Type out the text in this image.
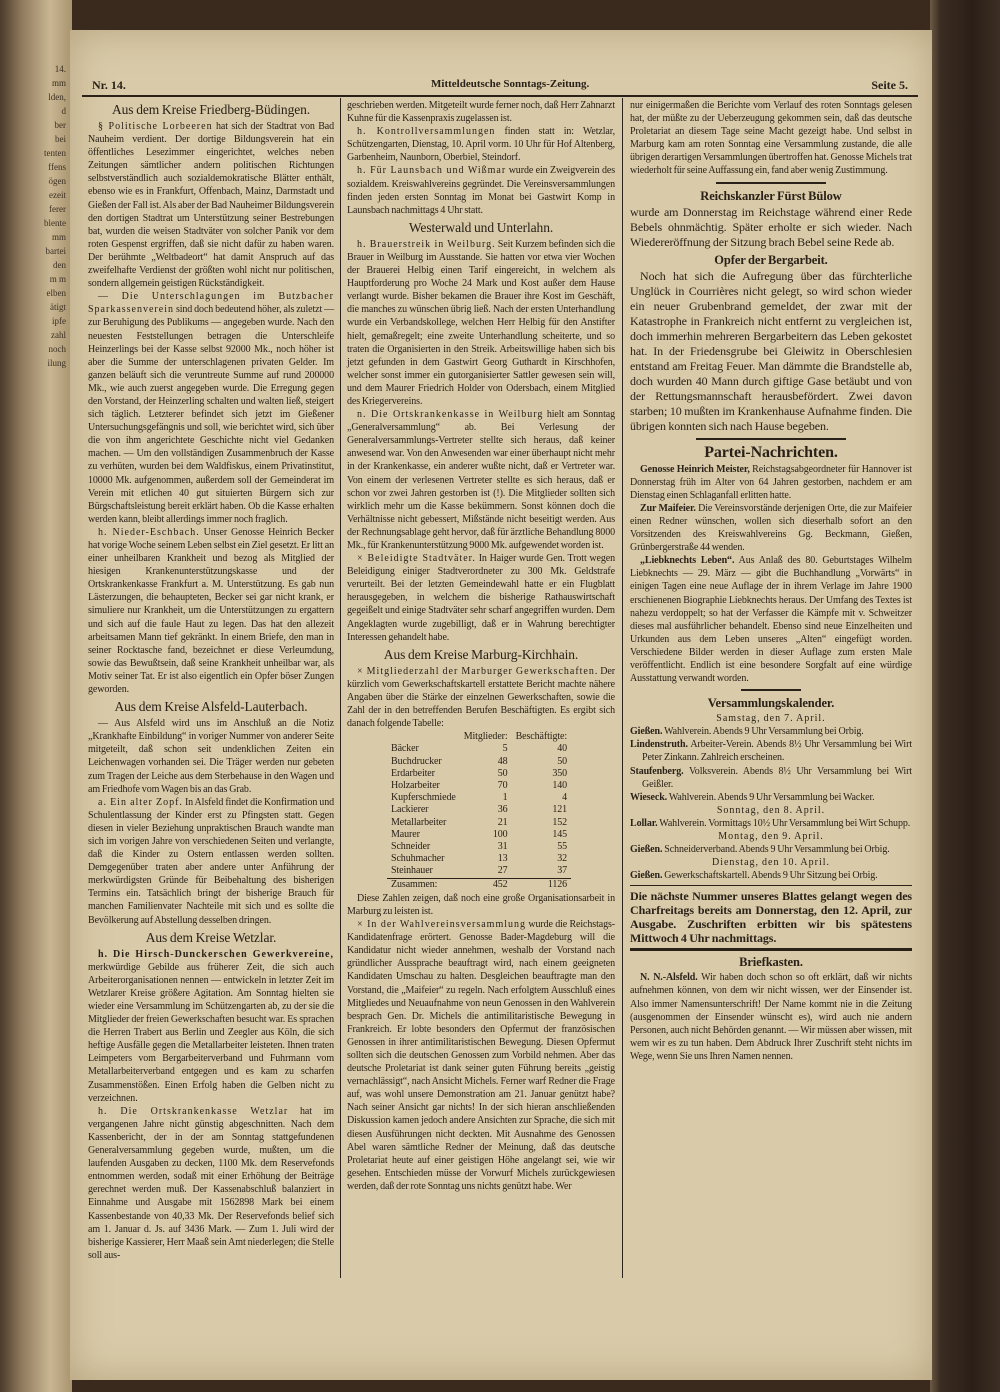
14.
mm
lden,
d
ber
bei
tenten
ffens
ögen
ezeit
ferer
blente
mm
bartei
den
m m
elben
ätigt
ipfe
zahl
noch
ilung
Nr. 14.	Mitteldeutsche Sonntags-Zeitung.	Seite 5.
Aus dem Kreise Friedberg-Büdingen.

§ Politische Lorbeeren hat sich der Stadtrat von Bad Nauheim verdient. Der dortige Bildungsverein hat ein öffentliches Lesezimmer eingerichtet, welches neben Zeitungen sämtlicher andern politischen Richtungen selbstverständlich auch sozialdemokratische Blätter enthält, ebenso wie es in Frankfurt, Offenbach, Mainz, Darmstadt und Gießen der Fall ist. Als aber der Bad Nauheimer Bildungsverein den dortigen Stadtrat um Unterstützung seiner Bestrebungen bat, wurden die weisen Stadtväter von solcher Panik vor dem roten Gespenst ergriffen, daß sie nicht dafür zu haben waren. Der berühmte „Weltbadeort“ hat damit Anspruch auf das zweifelhafte Verdienst der größten wohl nicht nur politischen, sondern allgemein geistigen Rückständigkeit.

— Die Unterschlagungen im Butzbacher Sparkassenverein sind doch bedeutend höher, als zuletzt — zur Beruhigung des Publikums — angegeben wurde. Nach den neuesten Feststellungen betragen die Unterschleife Heinzerlings bei der Kasse selbst 92000 Mk., noch höher ist aber die Summe der unterschlagenen privaten Gelder. Im ganzen beläuft sich die veruntreute Summe auf rund 200000 Mk., wie auch zuerst angegeben wurde. Die Erregung gegen den Vorstand, der Heinzerling schalten und walten ließ, steigert sich täglich. Letzterer befindet sich jetzt im Gießener Untersuchungsgefängnis und soll, wie berichtet wird, sich über die von ihm angerichtete Geschichte nicht viel Gedanken machen. — Um den vollständigen Zusammenbruch der Kasse zu verhüten, wurden bei dem Waldfiskus, einem Privatinstitut, 10000 Mk. aufgenommen, außerdem soll der Gemeinderat im Verein mit etlichen 40 gut situierten Bürgern sich zur Bürgschaftsleistung bereit erklärt haben. Ob die Kasse erhalten werden kann, bleibt allerdings immer noch fraglich.

h. Nieder-Eschbach. Unser Genosse Heinrich Becker hat vorige Woche seinem Leben selbst ein Ziel gesetzt. Er litt an einer unheilbaren Krankheit und bezog als Mitglied der hiesigen Krankenunterstützungskasse und der Ortskrankenkasse Frankfurt a. M. Unterstützung. Es gab nun Lästerzungen, die behaupteten, Becker sei gar nicht krank, er simuliere nur Krankheit, um die Unterstützungen zu ergattern und sich auf die faule Haut zu legen. Das hat den allezeit arbeitsamen Mann tief gekränkt. In einem Briefe, den man in seiner Rocktasche fand, bezeichnet er diese Verleumdung, sowie das Bewußtsein, daß seine Krankheit unheilbar war, als Motiv seiner Tat. Er ist also eigentlich ein Opfer böser Zungen geworden.

Aus dem Kreise Alsfeld-Lauterbach.

— Aus Alsfeld wird uns im Anschluß an die Notiz „Krankhafte Einbildung“ in voriger Nummer von anderer Seite mitgeteilt, daß schon seit undenklichen Zeiten ein Leichenwagen vorhanden sei. Die Träger werden nur gebeten zum Tragen der Leiche aus dem Sterbehause in den Wagen und am Friedhofe vom Wagen bis an das Grab.

a. Ein alter Zopf. In Alsfeld findet die Konfirmation und Schulentlassung der Kinder erst zu Pfingsten statt. Gegen diesen in vieler Beziehung unpraktischen Brauch wandte man sich im vorigen Jahre von verschiedenen Seiten und verlangte, daß die Kinder zu Ostern entlassen werden sollten. Demgegenüber traten aber andere unter Anführung der merkwürdigsten Gründe für Beibehaltung des bisherigen Termins ein. Tatsächlich bringt der bisherige Brauch für manchen Familienvater Nachteile mit sich und es sollte die Bevölkerung auf Abstellung desselben dringen.

Aus dem Kreise Wetzlar.

h. Die Hirsch-Dunckerschen Gewerkvereine, merkwürdige Gebilde aus früherer Zeit, die sich auch Arbeiterorganisationen nennen — entwickeln in letzter Zeit im Wetzlarer Kreise größere Agitation. Am Sonntag hielten sie wieder eine Versammlung im Schützengarten ab, zu der sie die Mitglieder der freien Gewerkschaften besucht war. Es sprachen die Herren Trabert aus Berlin und Zeegler aus Köln, die sich heftige Ausfälle gegen die Metallarbeiter leisteten. Ihnen traten Leimpeters vom Bergarbeiterverband und Fuhrmann vom Metallarbeiterverband entgegen und es kam zu scharfen Zusammenstößen. Einen Erfolg haben die Gelben nicht zu verzeichnen.

h. Die Ortskrankenkasse Wetzlar hat im vergangenen Jahre nicht günstig abgeschnitten. Nach dem Kassenbericht, der in der am Sonntag stattgefundenen Generalversammlung gegeben wurde, mußten, um die laufenden Ausgaben zu decken, 1100 Mk. dem Reservefonds entnommen werden, sodaß mit einer Erhöhung der Beiträge gerechnet werden muß. Der Kassenabschluß balanziert in Einnahme und Ausgabe mit 1562898 Mark bei einem Kassenbestande von 40,33 Mk. Der Reservefonds belief sich am 1. Januar d. Js. auf 3436 Mark. — Zum 1. Juli wird der bisherige Kassierer, Herr Maaß sein Amt niederlegen; die Stelle soll aus-

geschrieben werden. Mitgeteilt wurde ferner noch, daß Herr Zahnarzt Kuhne für die Kassenpraxis zugelassen ist.

h. Kontrollversammlungen finden statt in: Wetzlar, Schützengarten, Dienstag, 10. April vorm. 10 Uhr für Hof Altenberg, Garbenheim, Naunborn, Oberbiel, Steindorf.

h. Für Launsbach und Wißmar wurde ein Zweigverein des sozialdem. Kreiswahlvereins gegründet. Die Vereinsversammlungen finden jeden ersten Sonntag im Monat bei Gastwirt Komp in Launsbach nachmittags 4 Uhr statt.

Westerwald und Unterlahn.

h. Brauerstreik in Weilburg. Seit Kurzem befinden sich die Brauer in Weilburg im Ausstande. Sie hatten vor etwa vier Wochen der Brauerei Helbig einen Tarif eingereicht, in welchem als Hauptforderung pro Woche 24 Mark und Kost außer dem Hause verlangt wurde. Bisher bekamen die Brauer ihre Kost im Geschäft, die manches zu wünschen übrig ließ. Nach der ersten Unterhandlung wurde ein Verbandskollege, welchen Herr Helbig für den Anstifter hielt, gemaßregelt; eine zweite Unterhandlung scheiterte, und so traten die Organisierten in den Streik. Arbeitswillige haben sich bis jetzt gefunden in dem Gastwirt Georg Guthardt in Kirschhofen, welcher sonst immer ein gutorganisierter Sattler gewesen sein will, und dem Maurer Friedrich Holder von Odersbach, einem Mitglied des Kriegervereins.

n. Die Ortskrankenkasse in Weilburg hielt am Sonntag „Generalversammlung“ ab. Bei Verlesung der Generalversammlungs-Vertreter stellte sich heraus, daß keiner anwesend war. Von den Anwesenden war einer überhaupt nicht mehr in der Krankenkasse, ein anderer wußte nicht, daß er Vertreter war. Von einem der verlesenen Vertreter stellte es sich heraus, daß er schon vor zwei Jahren gestorben ist (!). Die Mitglieder sollten sich wirklich mehr um die Kasse bekümmern. Sonst können doch die Verhältnisse nicht gebessert, Mißstände nicht beseitigt werden. Aus der Rechnungsablage geht hervor, daß für ärztliche Behandlung 8000 Mk., für Krankenunterstützung 9000 Mk. aufgewendet worden ist.

× Beleidigte Stadtväter. In Haiger wurde Gen. Trott wegen Beleidigung einiger Stadtverordneter zu 300 Mk. Geldstrafe verurteilt. Bei der letzten Gemeindewahl hatte er ein Flugblatt herausgegeben, in welchem die bisherige Rathauswirtschaft gegeißelt und einige Stadtväter sehr scharf angegriffen wurden. Dem Angeklagten wurde zugebilligt, daß er in Wahrung berechtigter Interessen gehandelt habe.

Aus dem Kreise Marburg-Kirchhain.

× Mitgliederzahl der Marburger Gewerkschaften. Der kürzlich vom Gewerkschaftskartell erstattete Bericht machte nähere Angaben über die Stärke der einzelnen Gewerkschaften, sowie die Zahl der in den betreffenden Berufen Beschäftigten. Es ergibt sich danach folgende Tabelle:

	Mitglieder:	Beschäftigte:
Bäcker	5	40
Buchdrucker	48	50
Erdarbeiter	50	350
Holzarbeiter	70	140
Kupferschmiede	1	4
Lackierer	36	121
Metallarbeiter	21	152
Maurer	100	145
Schneider	31	55
Schuhmacher	13	32
Steinhauer	27	37
Zusammen:	452	1126

Diese Zahlen zeigen, daß noch eine große Organisationsarbeit in Marburg zu leisten ist.

× In der Wahlvereinsversammlung wurde die Reichstags-Kandidatenfrage erörtert. Genosse Bader-Magdeburg will die Kandidatur nicht wieder annehmen, weshalb der Vorstand nach gründlicher Aussprache beauftragt wird, nach einem geeigneten Kandidaten Umschau zu halten. Desgleichen beauftragte man den Vorstand, die „Maifeier“ zu regeln. Nach erfolgtem Ausschluß eines Mitgliedes und Neuaufnahme von neun Genossen in den Wahlverein besprach Gen. Dr. Michels die antimilitaristische Bewegung in Frankreich. Er lobte besonders den Opfermut der französischen Genossen in ihrer antimilitaristischen Bewegung. Diesen Opfermut sollten sich die deutschen Genossen zum Vorbild nehmen. Aber das deutsche Proletariat ist dank seiner guten Führung bereits „geistig vernachlässigt“, nach Ansicht Michels. Ferner warf Redner die Frage auf, was wohl unsere Demonstration am 21. Januar genützt habe? Nach seiner Ansicht gar nichts! In der sich hieran anschließenden Diskussion kamen jedoch andere Ansichten zur Sprache, die sich mit diesen Ausführungen nicht deckten. Mit Ausnahme des Genossen Abel waren sämtliche Redner der Meinung, daß das deutsche Proletariat heute auf einer geistigen Höhe angelangt sei, wie wir gesehen. Entschieden müsse der Vorwurf Michels zurückgewiesen werden, daß der rote Sonntag uns nichts genützt habe. Wer

nur einigermaßen die Berichte vom Verlauf des roten Sonntags gelesen hat, der müßte zu der Ueberzeugung gekommen sein, daß das deutsche Proletariat an diesem Tage seine Macht gezeigt habe. Und selbst in Marburg kam am roten Sonntag eine Versammlung zustande, die alle übrigen derartigen Versammlungen übertroffen hat. Genosse Michels trat wiederholt für seine Auffassung ein, fand aber wenig Zustimmung.

Reichskanzler Fürst Bülow

wurde am Donnerstag im Reichstage während einer Rede Bebels ohnmächtig. Später erholte er sich wieder. Nach Wiedereröffnung der Sitzung brach Bebel seine Rede ab.

Opfer der Bergarbeit.

Noch hat sich die Aufregung über das fürchterliche Unglück in Courrières nicht gelegt, so wird schon wieder ein neuer Grubenbrand gemeldet, der zwar mit der Katastrophe in Frankreich nicht entfernt zu vergleichen ist, doch immerhin mehreren Bergarbeitern das Leben gekostet hat. In der Friedensgrube bei Gleiwitz in Oberschlesien entstand am Freitag Feuer. Man dämmte die Brandstelle ab, doch wurden 40 Mann durch giftige Gase betäubt und von der Rettungsmannschaft herausbefördert. Zwei davon starben; 10 mußten im Krankenhause Aufnahme finden. Die übrigen konnten sich nach Hause begeben.

Partei-Nachrichten.

Genosse Heinrich Meister, Reichstagsabgeordneter für Hannover ist Donnerstag früh im Alter von 64 Jahren gestorben, nachdem er am Dienstag einen Schlaganfall erlitten hatte.

Zur Maifeier. Die Vereinsvorstände derjenigen Orte, die zur Maifeier einen Redner wünschen, wollen sich dieserhalb sofort an den Vorsitzenden des Kreiswahlvereins Gg. Beckmann, Gießen, Grünbergerstraße 44 wenden.

„Liebknechts Leben“. Aus Anlaß des 80. Geburtstages Wilhelm Liebknechts — 29. März — gibt die Buchhandlung „Vorwärts“ in einigen Tagen eine neue Auflage der in ihrem Verlage im Jahre 1900 erschienenen Biographie Liebknechts heraus. Der Umfang des Textes ist nahezu verdoppelt; so hat der Verfasser die Kämpfe mit v. Schweitzer dieses mal ausführlicher behandelt. Ebenso sind neue Einzelheiten und Urkunden aus dem Leben unseres „Alten“ eingefügt worden. Verschiedene Bilder werden in dieser Auflage zum ersten Male veröffentlicht. Endlich ist eine besondere Sorgfalt auf eine würdige Ausstattung verwandt worden.

Versammlungskalender.
Samstag, den 7. April.
Gießen. Wahlverein. Abends 9 Uhr Versammlung bei Orbig.
Lindenstruth. Arbeiter-Verein. Abends 8½ Uhr Versammlung bei Wirt Peter Zinkann. Zahlreich erscheinen.
Staufenberg. Volksverein. Abends 8½ Uhr Versammlung bei Wirt Geißler.
Wieseck. Wahlverein. Abends 9 Uhr Versammlung bei Wacker.
Sonntag, den 8. April.
Lollar. Wahlverein. Vormittags 10½ Uhr Versammlung bei Wirt Schupp.
Montag, den 9. April.
Gießen. Schneiderverband. Abends 9 Uhr Versammlung bei Orbig.
Dienstag, den 10. April.
Gießen. Gewerkschaftskartell. Abends 9 Uhr Sitzung bei Orbig.
Die nächste Nummer unseres Blattes gelangt wegen des Charfreitags bereits am Donnerstag, den 12. April, zur Ausgabe. Zuschriften erbitten wir bis spätestens Mittwoch 4 Uhr nachmittags.
Briefkasten.

N. N.-Alsfeld. Wir haben doch schon so oft erklärt, daß wir nichts aufnehmen können, von dem wir nicht wissen, wer der Einsender ist. Also immer Namensunterschrift! Der Name kommt nie in die Zeitung (ausgenommen der Einsender wünscht es), wird auch nie andern Personen, auch nicht Behörden genannt. — Wir müssen aber wissen, mit wem wir es zu tun haben. Dem Abdruck Ihrer Zuschrift steht nichts im Wege, wenn Sie uns Ihren Namen nennen.
